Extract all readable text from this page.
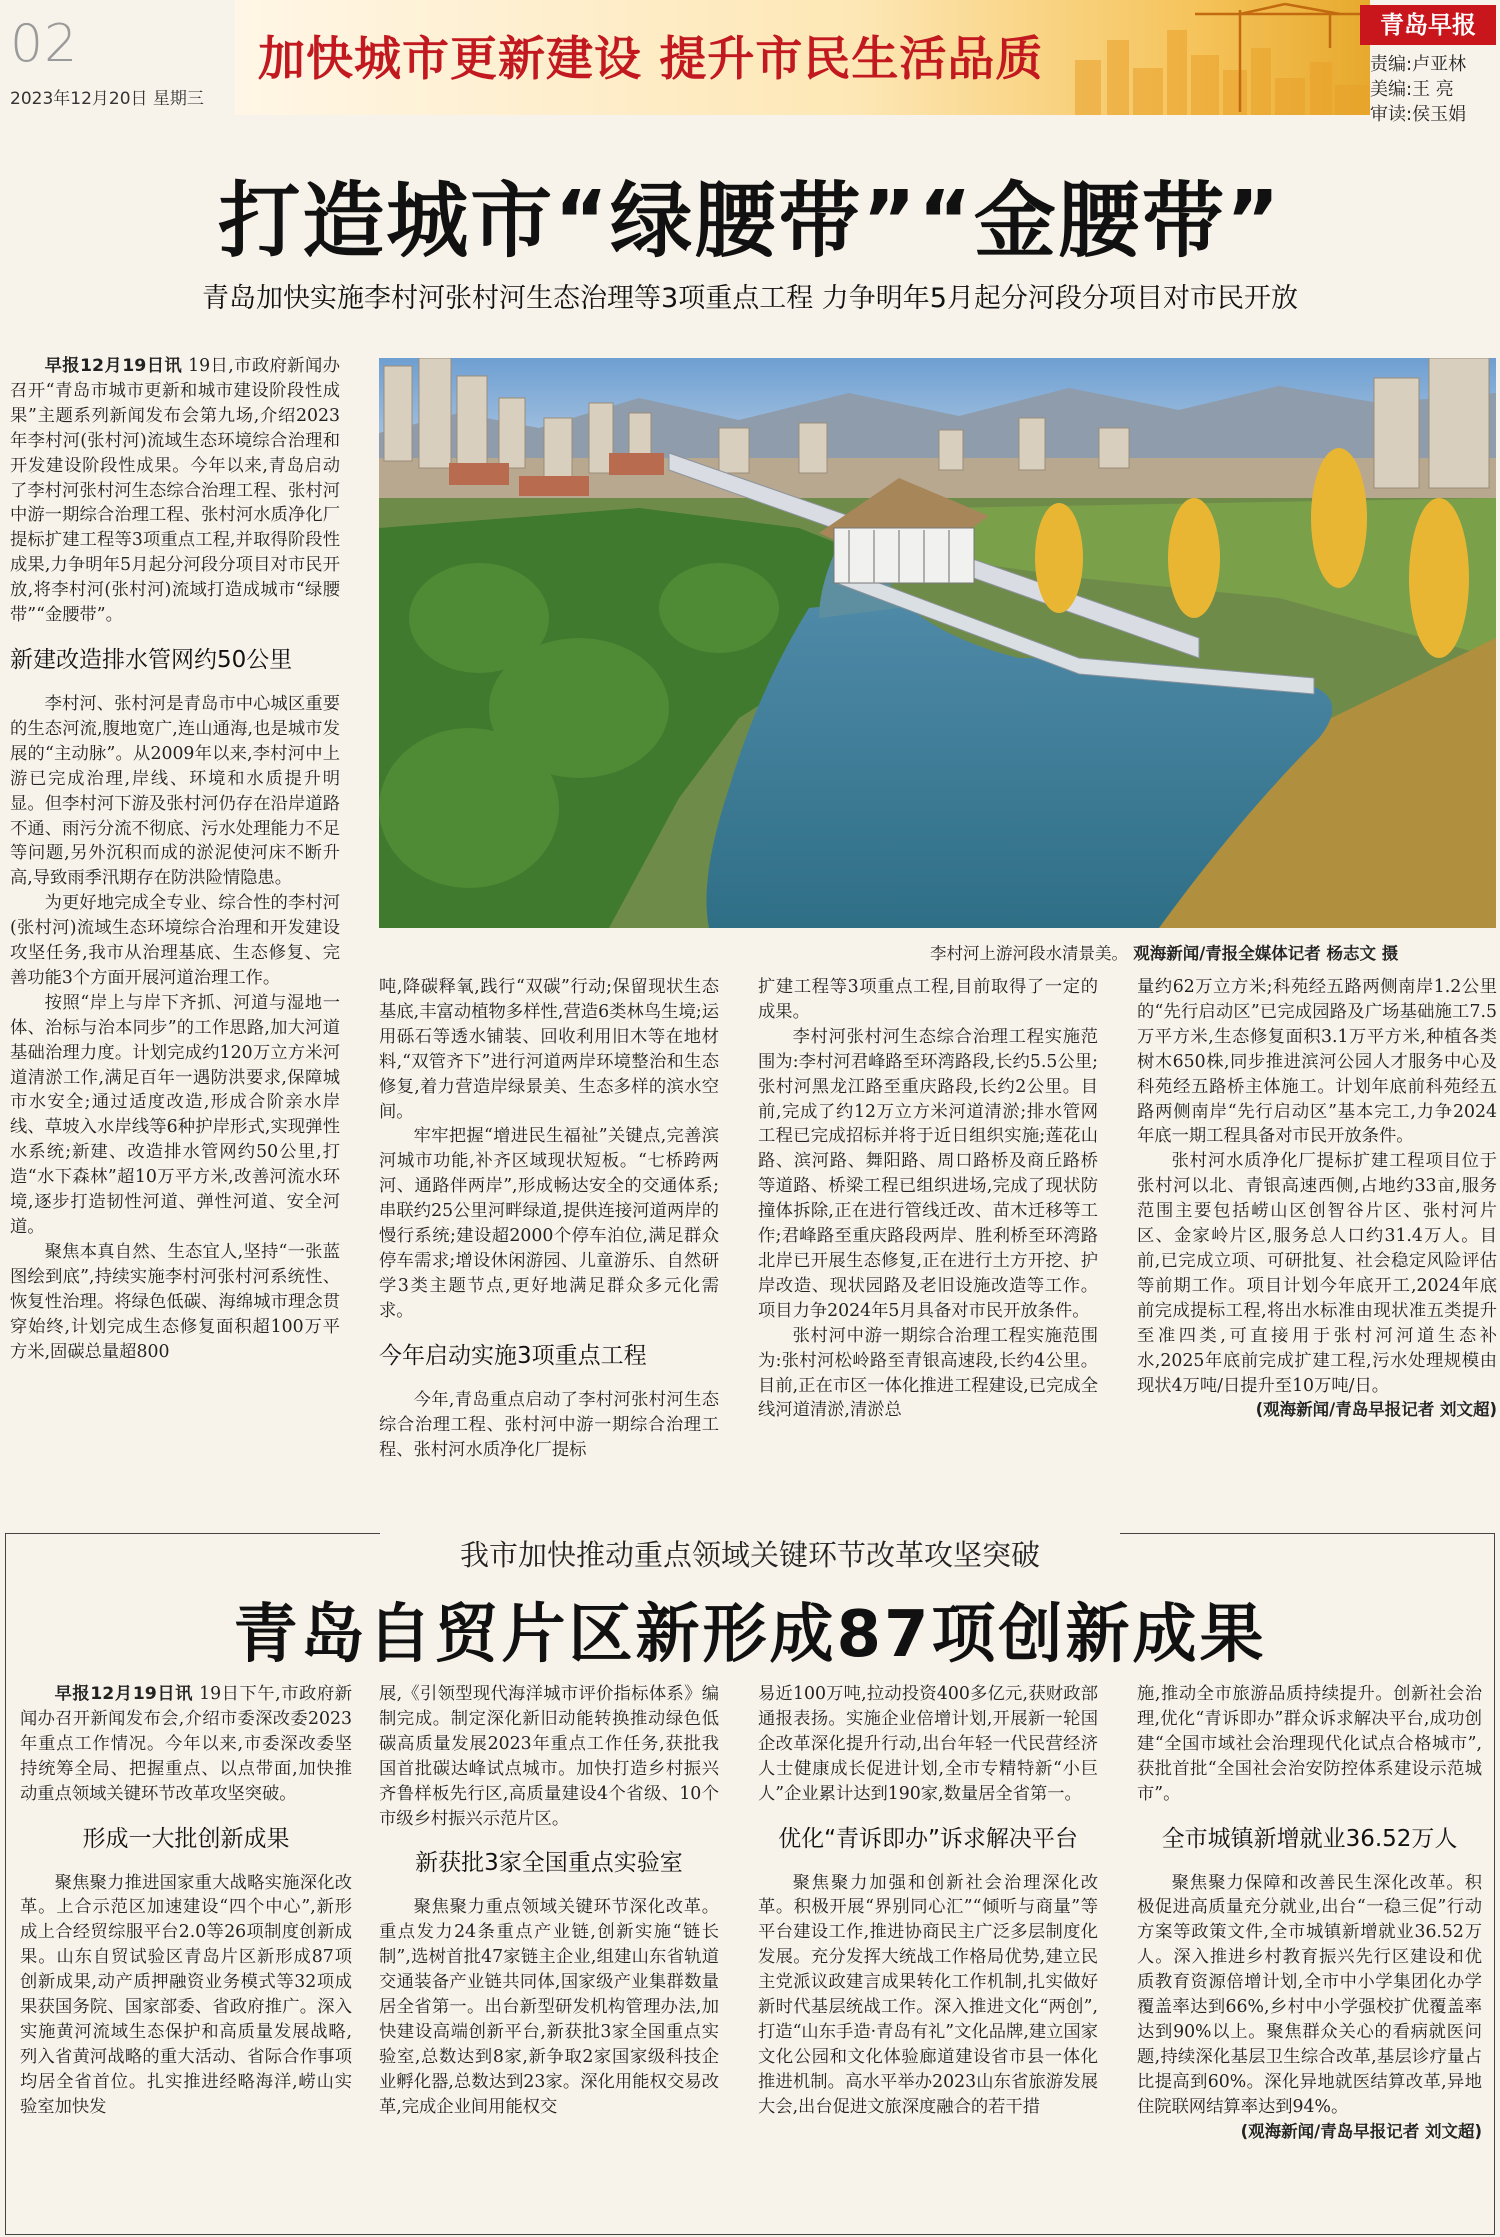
02
2023年12月20日 星期三
加快城市更新建设 提升市民生活品质
青岛早报
责编:卢亚林
美编:王 亮
审读:侯玉娟
打造城市“绿腰带”“金腰带”
青岛加快实施李村河张村河生态治理等3项重点工程 力争明年5月起分河段分项目对市民开放

早报12月19日讯 19日,市政府新闻办召开“青岛市城市更新和城市建设阶段性成果”主题系列新闻发布会第九场,介绍2023年李村河(张村河)流域生态环境综合治理和开发建设阶段性成果。今年以来,青岛启动了李村河张村河生态综合治理工程、张村河中游一期综合治理工程、张村河水质净化厂提标扩建工程等3项重点工程,并取得阶段性成果,力争明年5月起分河段分项目对市民开放,将李村河(张村河)流域打造成城市“绿腰带”“金腰带”。

新建改造排水管网约50公里

李村河、张村河是青岛市中心城区重要的生态河流,腹地宽广,连山通海,也是城市发展的“主动脉”。从2009年以来,李村河中上游已完成治理,岸线、环境和水质提升明显。但李村河下游及张村河仍存在沿岸道路不通、雨污分流不彻底、污水处理能力不足等问题,另外沉积而成的淤泥使河床不断升高,导致雨季汛期存在防洪险情隐患。

为更好地完成全专业、综合性的李村河(张村河)流域生态环境综合治理和开发建设攻坚任务,我市从治理基底、生态修复、完善功能3个方面开展河道治理工作。

按照“岸上与岸下齐抓、河道与湿地一体、治标与治本同步”的工作思路,加大河道基础治理力度。计划完成约120万立方米河道清淤工作,满足百年一遇防洪要求,保障城市水安全;通过适度改造,形成合阶亲水岸线、草坡入水岸线等6种护岸形式,实现弹性水系统;新建、改造排水管网约50公里,打造“水下森林”超10万平方米,改善河流水环境,逐步打造韧性河道、弹性河道、安全河道。

聚焦本真自然、生态宜人,坚持“一张蓝图绘到底”,持续实施李村河张村河系统性、恢复性治理。将绿色低碳、海绵城市理念贯穿始终,计划完成生态修复面积超100万平方米,固碳总量超800

李村河上游河段水清景美。 观海新闻/青报全媒体记者 杨志文 摄

吨,降碳释氧,践行“双碳”行动;保留现状生态基底,丰富动植物多样性,营造6类林鸟生境;运用砾石等透水铺装、回收利用旧木等在地材料,“双管齐下”进行河道两岸环境整治和生态修复,着力营造岸绿景美、生态多样的滨水空间。

牢牢把握“增进民生福祉”关键点,完善滨河城市功能,补齐区域现状短板。“七桥跨两河、通路伴两岸”,形成畅达安全的交通体系;串联约25公里河畔绿道,提供连接河道两岸的慢行系统;建设超2000个停车泊位,满足群众停车需求;增设休闲游园、儿童游乐、自然研学3类主题节点,更好地满足群众多元化需求。

今年启动实施3项重点工程

今年,青岛重点启动了李村河张村河生态综合治理工程、张村河中游一期综合治理工程、张村河水质净化厂提标

扩建工程等3项重点工程,目前取得了一定的成果。

李村河张村河生态综合治理工程实施范围为:李村河君峰路至环湾路段,长约5.5公里;张村河黑龙江路至重庆路段,长约2公里。目前,完成了约12万立方米河道清淤;排水管网工程已完成招标并将于近日组织实施;莲花山路、滨河路、舞阳路、周口路桥及商丘路桥等道路、桥梁工程已组织进场,完成了现状防撞体拆除,正在进行管线迁改、苗木迁移等工作;君峰路至重庆路段两岸、胜利桥至环湾路北岸已开展生态修复,正在进行土方开挖、护岸改造、现状园路及老旧设施改造等工作。项目力争2024年5月具备对市民开放条件。

张村河中游一期综合治理工程实施范围为:张村河松岭路至青银高速段,长约4公里。目前,正在市区一体化推进工程建设,已完成全线河道清淤,清淤总

量约62万立方米;科苑经五路两侧南岸1.2公里的“先行启动区”已完成园路及广场基础施工7.5万平方米,生态修复面积3.1万平方米,种植各类树木650株,同步推进滨河公园人才服务中心及科苑经五路桥主体施工。计划年底前科苑经五路两侧南岸“先行启动区”基本完工,力争2024年底一期工程具备对市民开放条件。

张村河水质净化厂提标扩建工程项目位于张村河以北、青银高速西侧,占地约33亩,服务范围主要包括崂山区创智谷片区、张村河片区、金家岭片区,服务总人口约31.4万人。目前,已完成立项、可研批复、社会稳定风险评估等前期工作。项目计划今年底开工,2024年底前完成提标工程,将出水标准由现状准五类提升至准四类,可直接用于张村河河道生态补水,2025年底前完成扩建工程,污水处理规模由现状4万吨/日提升至10万吨/日。

(观海新闻/青岛早报记者 刘文超)

我市加快推动重点领域关键环节改革攻坚突破
青岛自贸片区新形成87项创新成果

早报12月19日讯 19日下午,市政府新闻办召开新闻发布会,介绍市委深改委2023年重点工作情况。今年以来,市委深改委坚持统筹全局、把握重点、以点带面,加快推动重点领域关键环节改革攻坚突破。

形成一大批创新成果

聚焦聚力推进国家重大战略实施深化改革。上合示范区加速建设“四个中心”,新形成上合经贸综服平台2.0等26项制度创新成果。山东自贸试验区青岛片区新形成87项创新成果,动产质押融资业务模式等32项成果获国务院、国家部委、省政府推广。深入实施黄河流域生态保护和高质量发展战略,列入省黄河战略的重大活动、省际合作事项均居全省首位。扎实推进经略海洋,崂山实验室加快发

展,《引领型现代海洋城市评价指标体系》编制完成。制定深化新旧动能转换推动绿色低碳高质量发展2023年重点工作任务,获批我国首批碳达峰试点城市。加快打造乡村振兴齐鲁样板先行区,高质量建设4个省级、10个市级乡村振兴示范片区。

新获批3家全国重点实验室

聚焦聚力重点领域关键环节深化改革。重点发力24条重点产业链,创新实施“链长制”,选树首批47家链主企业,组建山东省轨道交通装备产业链共同体,国家级产业集群数量居全省第一。出台新型研发机构管理办法,加快建设高端创新平台,新获批3家全国重点实验室,总数达到8家,新争取2家国家级科技企业孵化器,总数达到23家。深化用能权交易改革,完成企业间用能权交

易近100万吨,拉动投资400多亿元,获财政部通报表扬。实施企业倍增计划,开展新一轮国企改革深化提升行动,出台年轻一代民营经济人士健康成长促进计划,全市专精特新“小巨人”企业累计达到190家,数量居全省第一。

优化“青诉即办”诉求解决平台

聚焦聚力加强和创新社会治理深化改革。积极开展“界别同心汇”“倾听与商量”等平台建设工作,推进协商民主广泛多层制度化发展。充分发挥大统战工作格局优势,建立民主党派议政建言成果转化工作机制,扎实做好新时代基层统战工作。深入推进文化“两创”,打造“山东手造·青岛有礼”文化品牌,建立国家文化公园和文化体验廊道建设省市县一体化推进机制。高水平举办2023山东省旅游发展大会,出台促进文旅深度融合的若干措

施,推动全市旅游品质持续提升。创新社会治理,优化“青诉即办”群众诉求解决平台,成功创建“全国市域社会治理现代化试点合格城市”,获批首批“全国社会治安防控体系建设示范城市”。

全市城镇新增就业36.52万人

聚焦聚力保障和改善民生深化改革。积极促进高质量充分就业,出台“一稳三促”行动方案等政策文件,全市城镇新增就业36.52万人。深入推进乡村教育振兴先行区建设和优质教育资源倍增计划,全市中小学集团化办学覆盖率达到66%,乡村中小学强校扩优覆盖率达到90%以上。聚焦群众关心的看病就医问题,持续深化基层卫生综合改革,基层诊疗量占比提高到60%。深化异地就医结算改革,异地住院联网结算率达到94%。

(观海新闻/青岛早报记者 刘文超)
